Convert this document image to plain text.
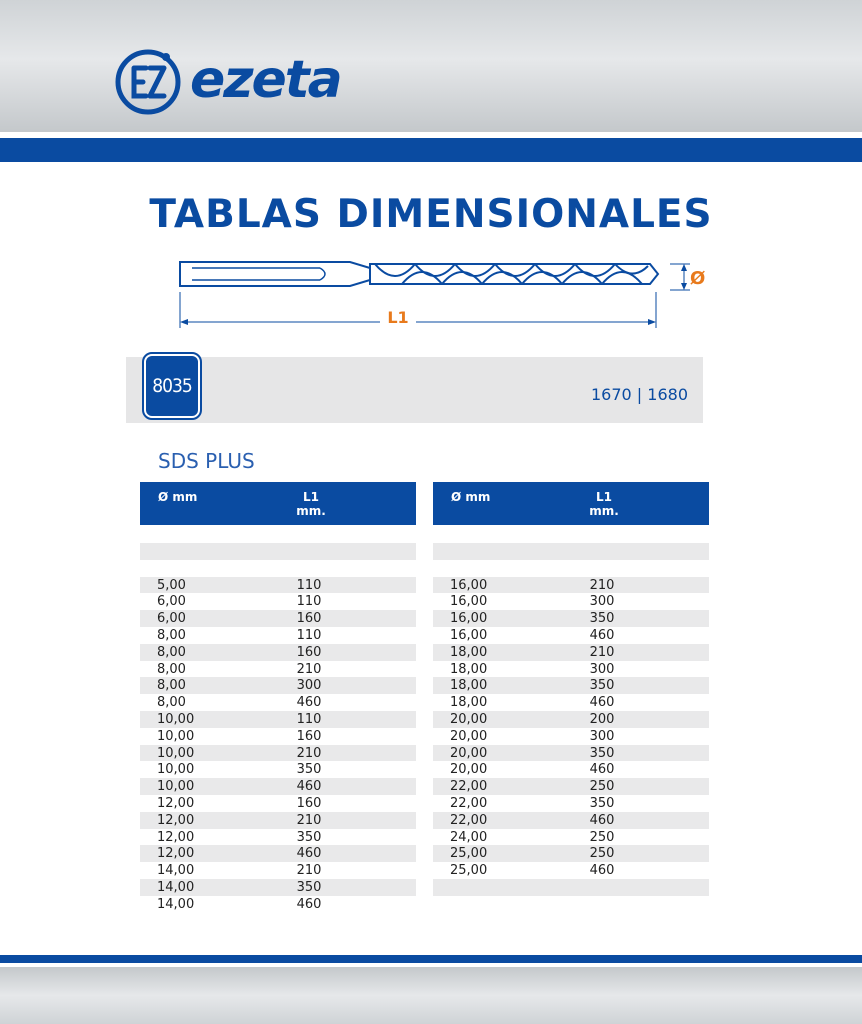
ezeta
TABLAS DIMENSIONALES
L1
Ø
8035	1670 | 1680
SDS PLUS
Ø mm	L1
mm.
5,00	110
6,00	110
6,00	160
8,00	110
8,00	160
8,00	210
8,00	300
8,00	460
10,00	110
10,00	160
10,00	210
10,00	350
10,00	460
12,00	160
12,00	210
12,00	350
12,00	460
14,00	210
14,00	350
14,00	460
Ø mm	L1
mm.
16,00	210
16,00	300
16,00	350
16,00	460
18,00	210
18,00	300
18,00	350
18,00	460
20,00	200
20,00	300
20,00	350
20,00	460
22,00	250
22,00	350
22,00	460
24,00	250
25,00	250
25,00	460
